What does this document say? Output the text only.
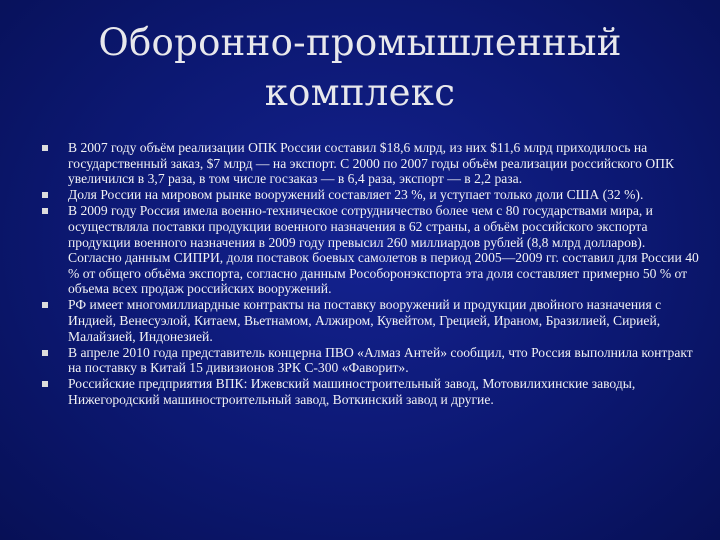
Оборонно-промышленный
комплекс
В 2007 году объём реализации ОПК России составил $18,6 млрд, из них $11,6 млрд приходилось на государственный заказ, $7 млрд — на экспорт. С 2000 по 2007 годы объём реализации российского ОПК увеличился в 3,7 раза, в том числе госзаказ — в 6,4 раза, экспорт — в 2,2 раза.
Доля России на мировом рынке вооружений составляет 23 %, и уступает только доли США (32 %).
В 2009 году Россия имела военно-техническое сотрудничество более чем с 80 государствами мира, и осуществляла поставки продукции военного назначения в 62 страны, а объём российского экспорта продукции военного назначения в 2009 году превысил 260 миллиардов рублей (8,8 млрд долларов). Согласно данным СИПРИ, доля поставок боевых самолетов в период 2005—2009 гг. составил для России 40 % от общего объёма экспорта, согласно данным Рособоронэкспорта эта доля составляет примерно 50 % от объема всех продаж российских вооружений.
РФ имеет многомиллиардные контракты на поставку вооружений и продукции двойного назначения с Индией, Венесуэлой, Китаем, Вьетнамом, Алжиром, Кувейтом, Грецией, Ираном, Бразилией, Сирией, Малайзией, Индонезией.
В апреле 2010 года представитель концерна ПВО «Алмаз Антей» сообщил, что Россия выполнила контракт на поставку в Китай 15 дивизионов ЗРК С-300 «Фаворит».
Российские предприятия ВПК: Ижевский машиностроительный завод, Мотовилихинские заводы, Нижегородский машиностроительный завод, Воткинский завод и другие.
